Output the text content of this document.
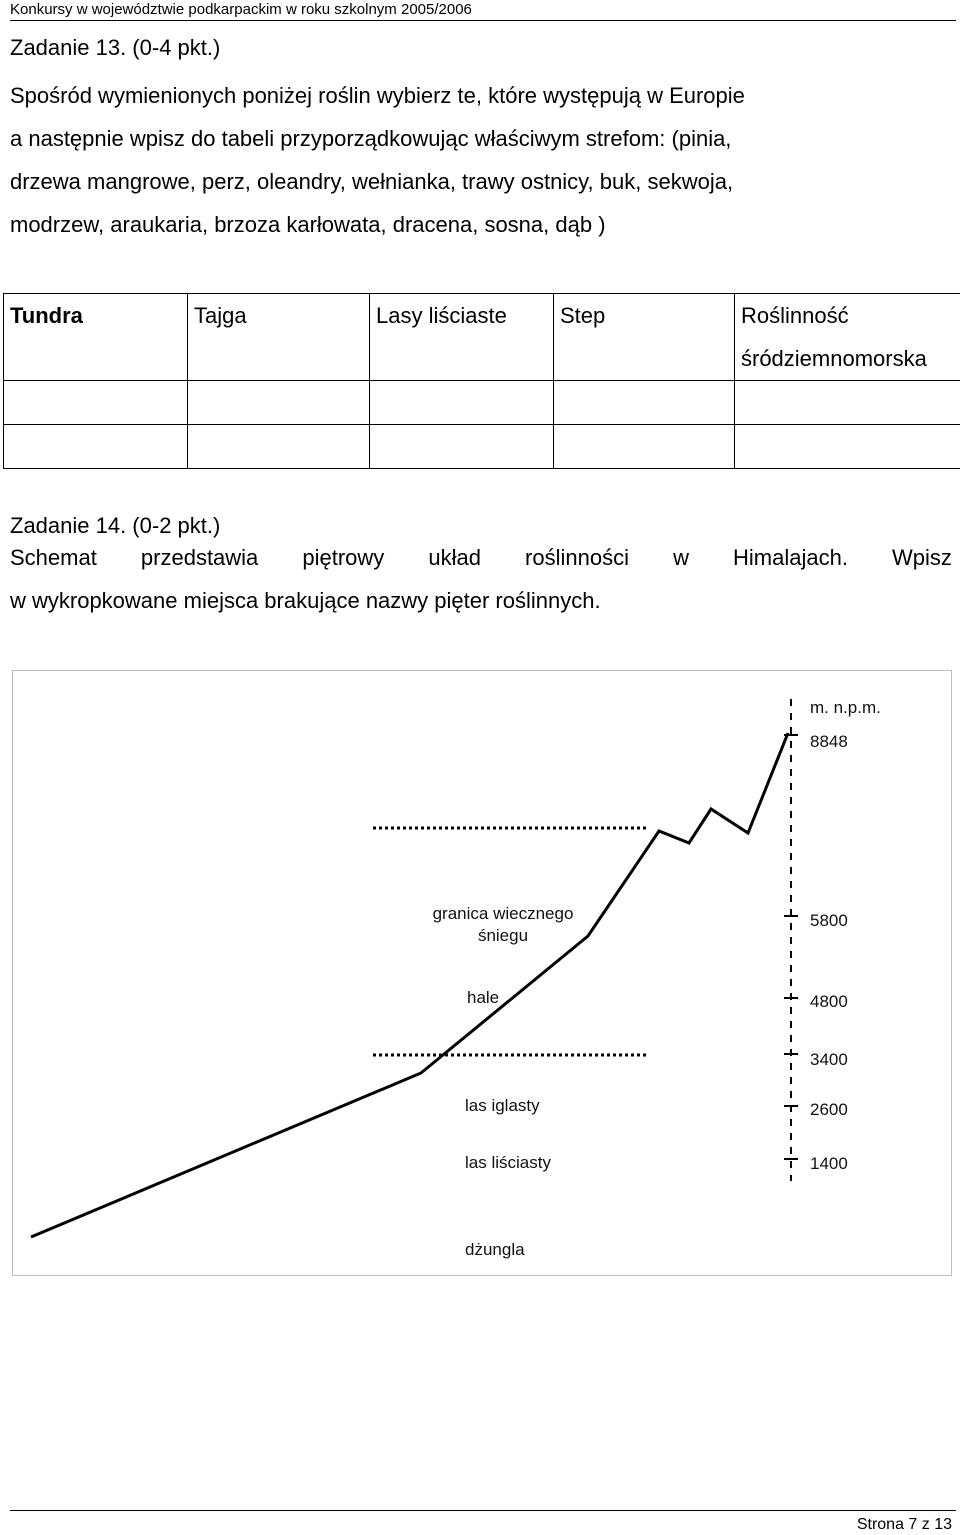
Konkursy w województwie podkarpackim w roku szkolnym 2005/2006
Zadanie 13. (0-4 pkt.)
Spośród wymienionych poniżej roślin wybierz te, które występują w Europie
a następnie wpisz do tabeli przyporządkowując właściwym strefom: (pinia,
drzewa mangrowe, perz, oleandry, wełnianka, trawy ostnicy, buk, sekwoja,
modrzew, araukaria, brzoza karłowata, dracena, sosna, dąb )
Tundra	Tajga	Lasy liściaste	Step	Roślinność śródziemnomorska

Zadanie 14. (0-2 pkt.)
Schemat przedstawia piętrowy układ roślinności w Himalajach. Wpisz
w wykropkowane miejsca brakujące nazwy pięter roślinnych.
m. n.p.m.
8848
5800
4800
3400
2600
1400
granica wiecznego
śniegu
hale
las iglasty
las liściasty
dżungla
Strona 7 z 13
